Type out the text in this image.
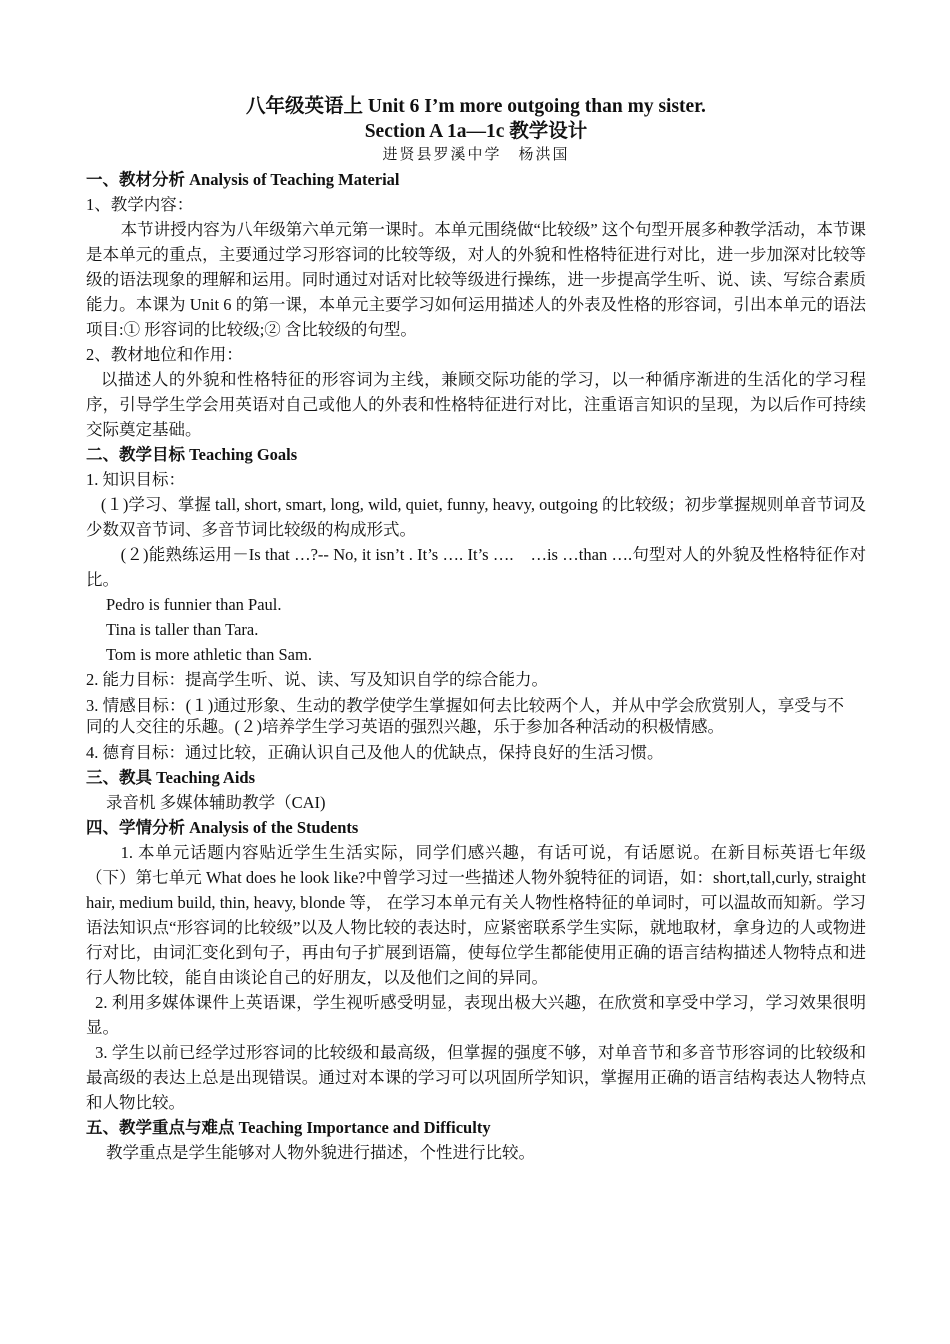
八年级英语上 Unit 6 I’m more outgoing than my sister.
Section A 1a—1c 教学设计
进贤县罗溪中学　杨洪国
一、教材分析 Analysis of Teaching Material
1、教学内容：
本节讲授内容为八年级第六单元第一课时。本单元围绕做“比较级” 这个句型开展多种教学活动，本节课是本单元的重点，主要通过学习形容词的比较等级，对人的外貌和性格特征进行对比，进一步加深对比较等级的语法现象的理解和运用。同时通过对话对比较等级进行操练，进一步提高学生听、说、读、写综合素质能力。本课为 Unit 6 的第一课，本单元主要学习如何运用描述人的外表及性格的形容词，引出本单元的语法项目:① 形容词的比较级;② 含比较级的句型。
2、教材地位和作用：
以描述人的外貌和性格特征的形容词为主线，兼顾交际功能的学习，以一种循序渐进的生活化的学习程序，引导学生学会用英语对自己或他人的外表和性格特征进行对比，注重语言知识的呈现，为以后作可持续交际奠定基础。
二、教学目标 Teaching Goals
1. 知识目标：
(１)学习、掌握 tall, short, smart, long, wild, quiet, funny, heavy, outgoing 的比较级；初步掌握规则单音节词及少数双音节词、多音节词比较级的构成形式。
(２)能熟练运用－Is that …?-- No, it isn’t . It’s …. It’s ….　…is …than ….句型对人的外貌及性格特征作对比。
Pedro is funnier than Paul.
Tina is taller than Tara.
Tom is more athletic than Sam.
2. 能力目标：提高学生听、说、读、写及知识自学的综合能力。
3. 情感目标：(１)通过形象、生动的教学使学生掌握如何去比较两个人，并从中学会欣赏别人，享受与不同的人交往的乐趣。(２)培养学生学习英语的强烈兴趣，乐于参加各种活动的积极情感。
4. 德育目标：通过比较，正确认识自己及他人的优缺点，保持良好的生活习惯。
三、教具 Teaching Aids
录音机 多媒体辅助教学（CAI)
四、学情分析 Analysis of the Students
1. 本单元话题内容贴近学生生活实际，同学们感兴趣，有话可说，有话愿说。在新目标英语七年级（下）第七单元 What does he look like?中曾学习过一些描述人物外貌特征的词语，如：short,tall,curly, straight hair, medium build, thin, heavy, blonde 等， 在学习本单元有关人物性格特征的单词时，可以温故而知新。学习语法知识点“形容词的比较级”以及人物比较的表达时，应紧密联系学生实际，就地取材，拿身边的人或物进行对比，由词汇变化到句子，再由句子扩展到语篇，使每位学生都能使用正确的语言结构描述人物特点和进行人物比较，能自由谈论自己的好朋友，以及他们之间的异同。
2. 利用多媒体课件上英语课，学生视听感受明显，表现出极大兴趣，在欣赏和享受中学习，学习效果很明显。
3. 学生以前已经学过形容词的比较级和最高级，但掌握的强度不够，对单音节和多音节形容词的比较级和最高级的表达上总是出现错误。通过对本课的学习可以巩固所学知识，掌握用正确的语言结构表达人物特点和人物比较。
五、教学重点与难点 Teaching Importance and Difficulty
教学重点是学生能够对人物外貌进行描述，个性进行比较。
